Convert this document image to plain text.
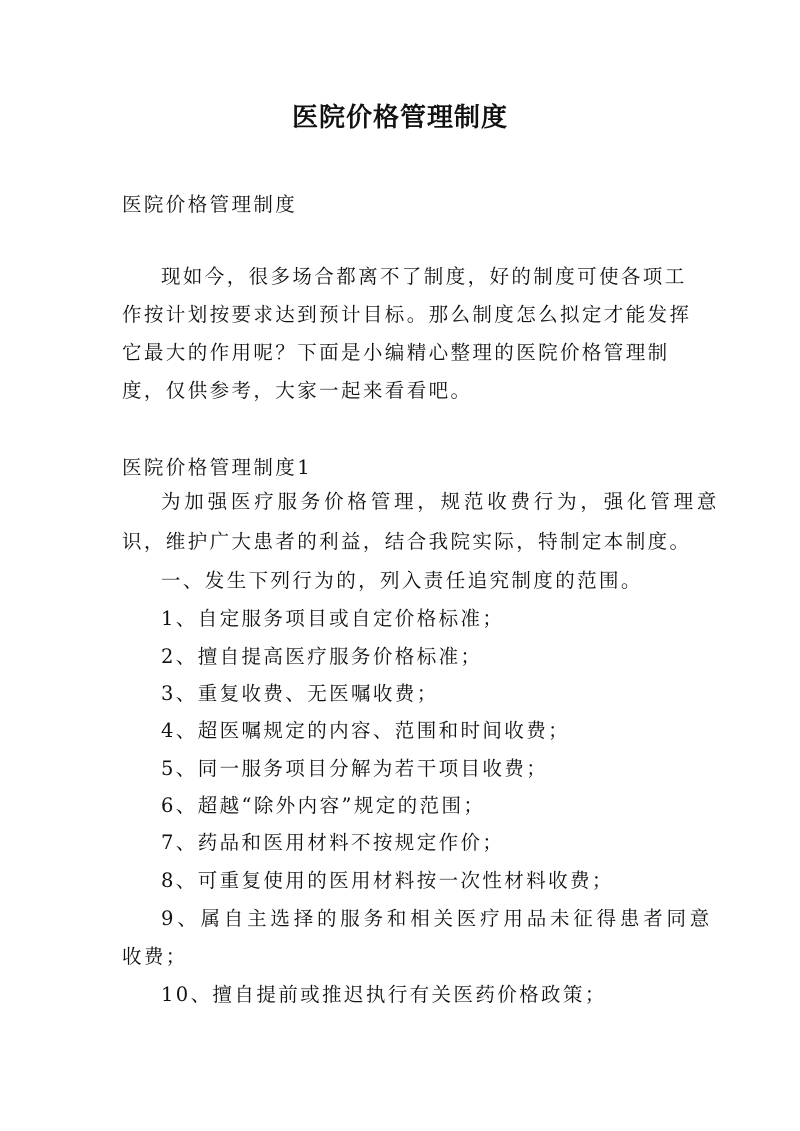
医院价格管理制度
医院价格管理制度
现如今，很多场合都离不了制度，好的制度可使各项工
作按计划按要求达到预计目标。那么制度怎么拟定才能发挥
它最大的作用呢？下面是小编精心整理的医院价格管理制
度，仅供参考，大家一起来看看吧。
医院价格管理制度1
为加强医疗服务价格管理，规范收费行为，强化管理意
识，维护广大患者的利益，结合我院实际，特制定本制度。
一、发生下列行为的，列入责任追究制度的范围。
1、自定服务项目或自定价格标准；
2、擅自提高医疗服务价格标准；
3、重复收费、无医嘱收费；
4、超医嘱规定的内容、范围和时间收费；
5、同一服务项目分解为若干项目收费；
6、超越“除外内容”规定的范围；
7、药品和医用材料不按规定作价；
8、可重复使用的医用材料按一次性材料收费；
9、属自主选择的服务和相关医疗用品未征得患者同意
收费；
10、擅自提前或推迟执行有关医药价格政策；
